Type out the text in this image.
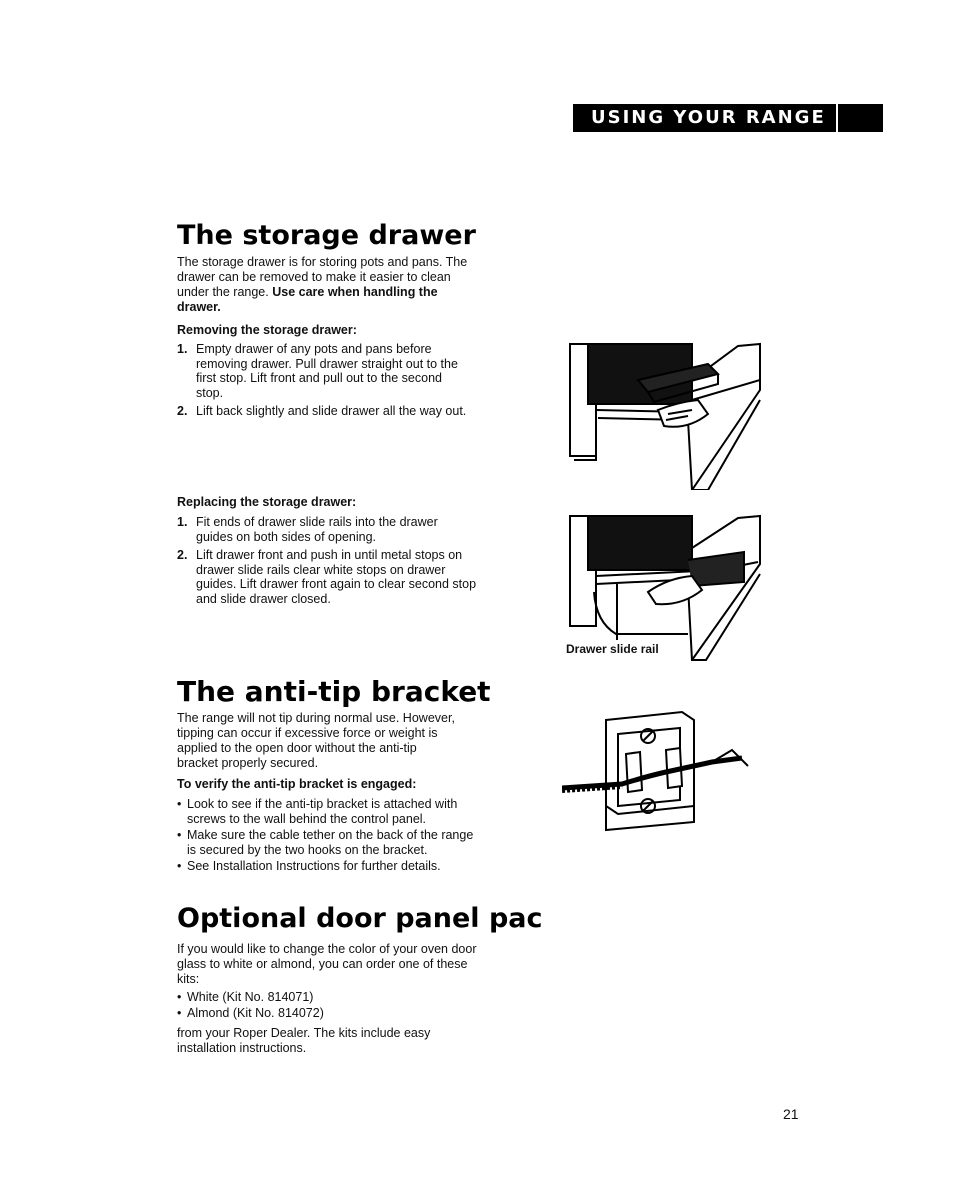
USING YOUR RANGE
The storage drawer
The storage drawer is for storing pots and pans. The drawer can be removed to make it easier to clean under the range. Use care when handling the drawer.
Removing the storage drawer:
1. Empty drawer of any pots and pans before removing drawer. Pull drawer straight out to the first stop. Lift front and pull out to the second stop.
2. Lift back slightly and slide drawer all the way out.
Replacing the storage drawer:
1. Fit ends of drawer slide rails into the drawer guides on both sides of opening.
2. Lift drawer front and push in until metal stops on drawer slide rails clear white stops on drawer guides. Lift drawer front again to clear second stop and slide drawer closed.
Drawer slide rail
The anti-tip bracket
The range will not tip during normal use. However, tipping can occur if excessive force or weight is applied to the open door without the anti-tip bracket properly secured.
To verify the anti-tip bracket is engaged:
• Look to see if the anti-tip bracket is attached with screws to the wall behind the control panel.
• Make sure the cable tether on the back of the range is secured by the two hooks on the bracket.
• See Installation Instructions for further details.
Optional door panel pac
If you would like to change the color of your oven door glass to white or almond, you can order one of these kits:
• White (Kit No. 814071)
• Almond (Kit No. 814072)
from your Roper Dealer. The kits include easy installation instructions.
21
